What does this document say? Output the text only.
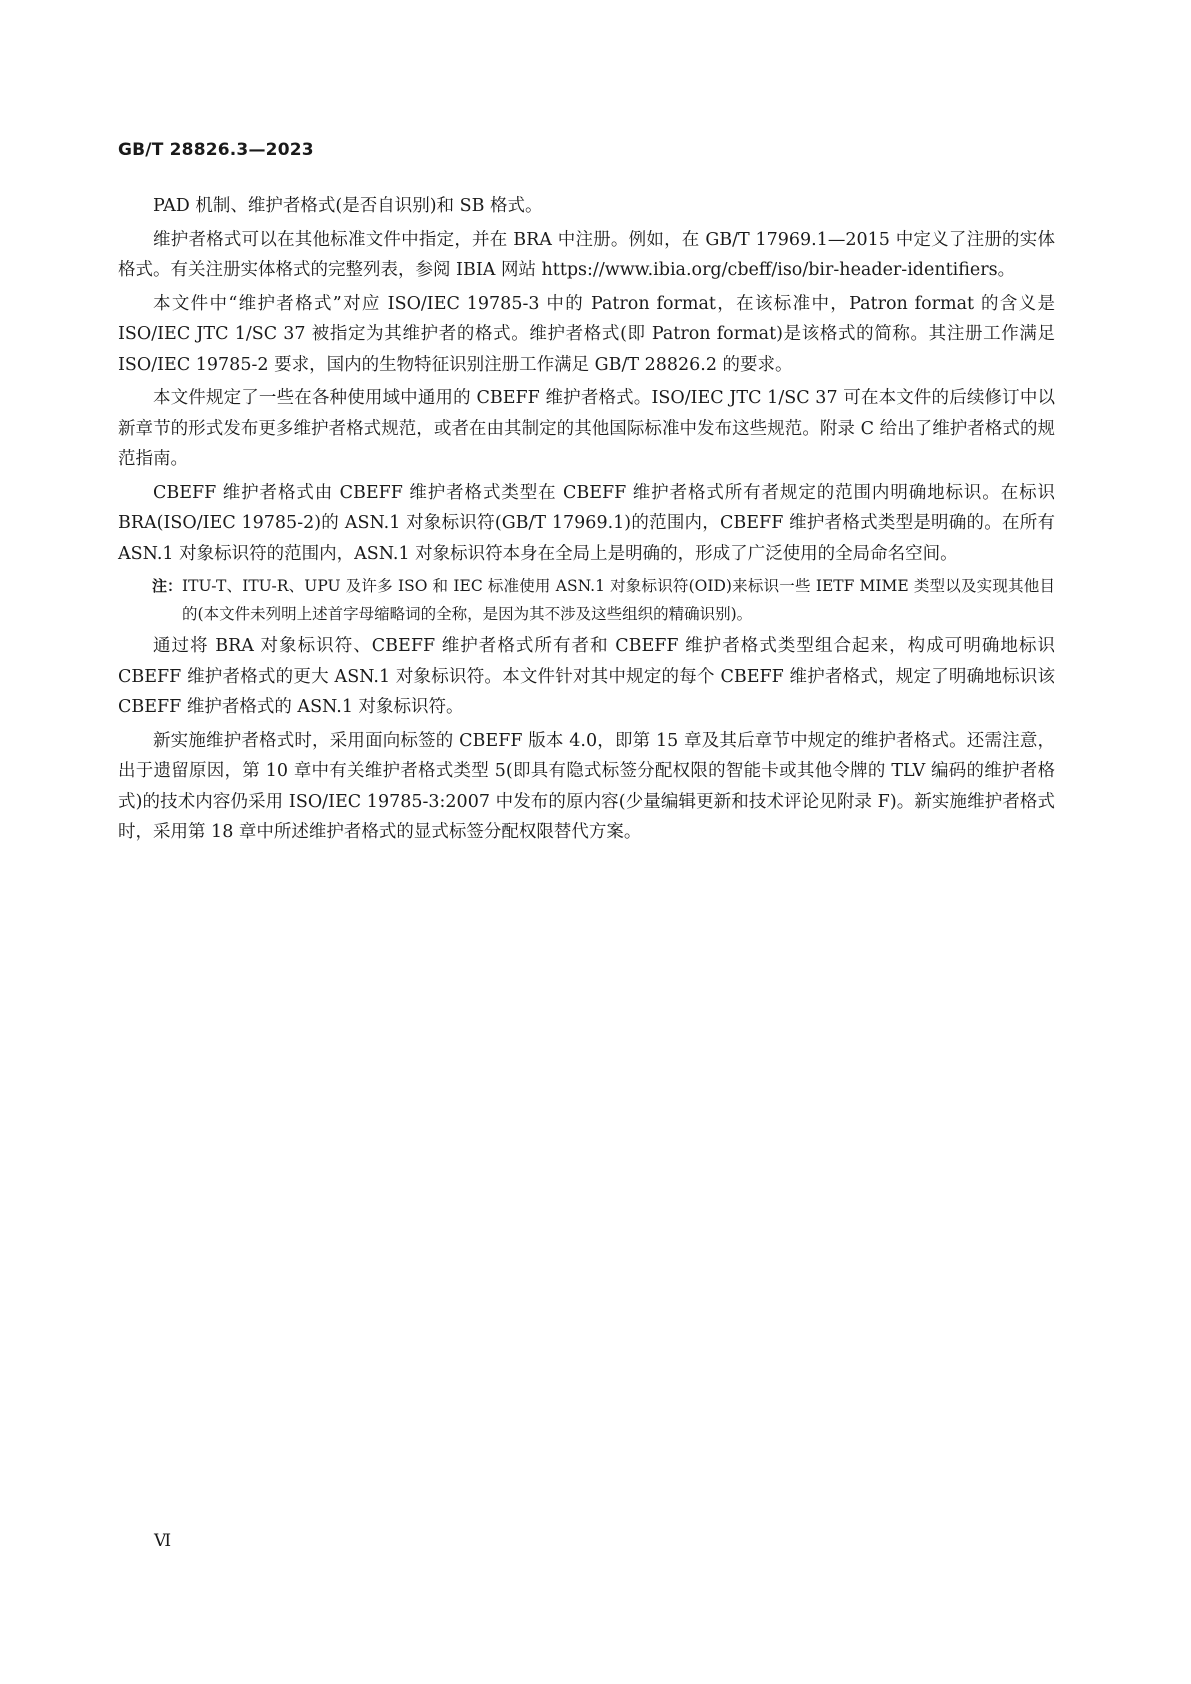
GB/T 28826.3—2023

PAD 机制、维护者格式(是否自识别)和 SB 格式。

维护者格式可以在其他标准文件中指定，并在 BRA 中注册。例如，在 GB/T 17969.1—2015 中定义了注册的实体格式。有关注册实体格式的完整列表，参阅 IBIA 网站 https://www.ibia.org/cbeff/iso/bir-header-identifiers。

本文件中“维护者格式”对应 ISO/IEC 19785-3 中的 Patron format，在该标准中，Patron format 的含义是 ISO/IEC JTC 1/SC 37 被指定为其维护者的格式。维护者格式(即 Patron format)是该格式的简称。其注册工作满足 ISO/IEC 19785-2 要求，国内的生物特征识别注册工作满足 GB/T 28826.2 的要求。

本文件规定了一些在各种使用域中通用的 CBEFF 维护者格式。ISO/IEC JTC 1/SC 37 可在本文件的后续修订中以新章节的形式发布更多维护者格式规范，或者在由其制定的其他国际标准中发布这些规范。附录 C 给出了维护者格式的规范指南。

CBEFF 维护者格式由 CBEFF 维护者格式类型在 CBEFF 维护者格式所有者规定的范围内明确地标识。在标识 BRA(ISO/IEC 19785-2)的 ASN.1 对象标识符(GB/T 17969.1)的范围内，CBEFF 维护者格式类型是明确的。在所有 ASN.1 对象标识符的范围内，ASN.1 对象标识符本身在全局上是明确的，形成了广泛使用的全局命名空间。

注： ITU-T、ITU-R、UPU 及许多 ISO 和 IEC 标准使用 ASN.1 对象标识符(OID)来标识一些 IETF MIME 类型以及实现其他目的(本文件未列明上述首字母缩略词的全称，是因为其不涉及这些组织的精确识别)。

通过将 BRA 对象标识符、CBEFF 维护者格式所有者和 CBEFF 维护者格式类型组合起来，构成可明确地标识 CBEFF 维护者格式的更大 ASN.1 对象标识符。本文件针对其中规定的每个 CBEFF 维护者格式，规定了明确地标识该 CBEFF 维护者格式的 ASN.1 对象标识符。

新实施维护者格式时，采用面向标签的 CBEFF 版本 4.0，即第 15 章及其后章节中规定的维护者格式。还需注意，出于遗留原因，第 10 章中有关维护者格式类型 5(即具有隐式标签分配权限的智能卡或其他令牌的 TLV 编码的维护者格式)的技术内容仍采用 ISO/IEC 19785-3:2007 中发布的原内容(少量编辑更新和技术评论见附录 F)。新实施维护者格式时，采用第 18 章中所述维护者格式的显式标签分配权限替代方案。

Ⅵ
